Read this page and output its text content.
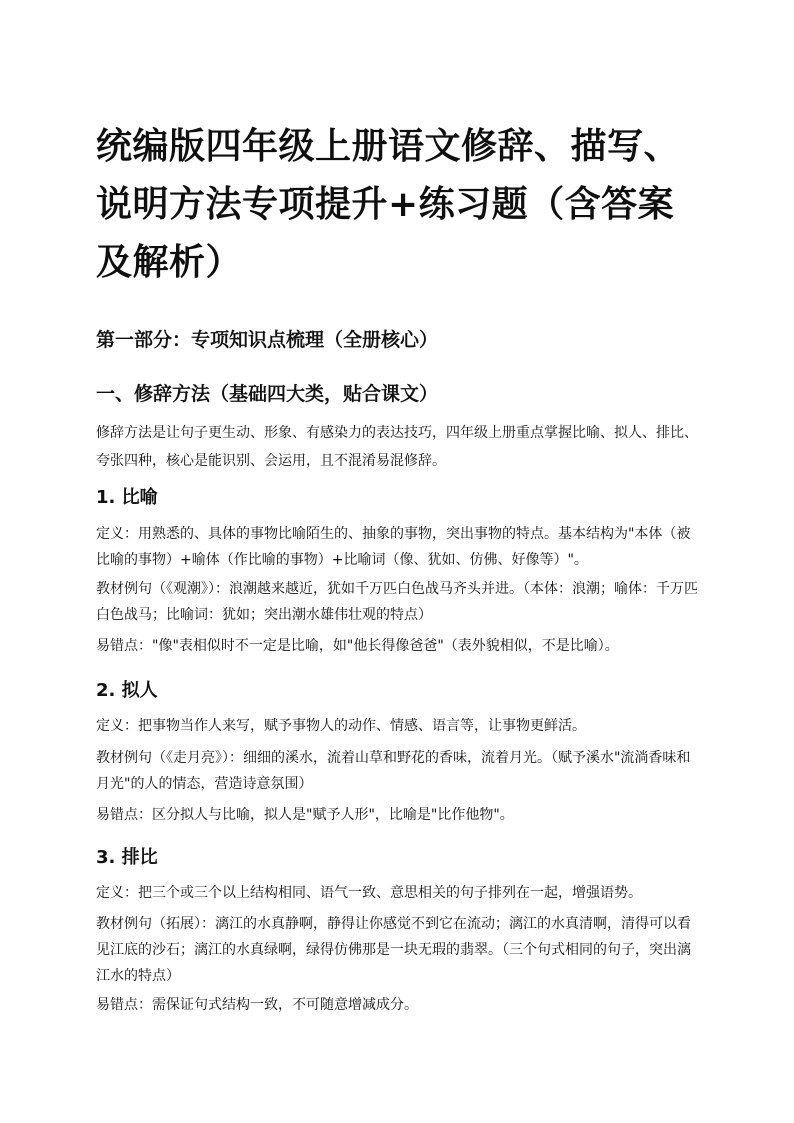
统编版四年级上册语文修辞、描写、说明方法专项提升+练习题（含答案及解析）
第一部分：专项知识点梳理（全册核心）
一、修辞方法（基础四大类，贴合课文）
修辞方法是让句子更生动、形象、有感染力的表达技巧，四年级上册重点掌握比喻、拟人、排比、夸张四种，核心是能识别、会运用，且不混淆易混修辞。
1. 比喻
定义：用熟悉的、具体的事物比喻陌生的、抽象的事物，突出事物的特点。基本结构为"本体（被比喻的事物）+喻体（作比喻的事物）+比喻词（像、犹如、仿佛、好像等）"。
教材例句（《观潮》）：浪潮越来越近，犹如千万匹白色战马齐头并进。（本体：浪潮；喻体：千万匹白色战马；比喻词：犹如；突出潮水雄伟壮观的特点）
易错点："像"表相似时不一定是比喻，如"他长得像爸爸"（表外貌相似，不是比喻）。
2. 拟人
定义：把事物当作人来写，赋予事物人的动作、情感、语言等，让事物更鲜活。
教材例句（《走月亮》）：细细的溪水，流着山草和野花的香味，流着月光。（赋予溪水"流淌香味和月光"的人的情态，营造诗意氛围）
易错点：区分拟人与比喻，拟人是"赋予人形"，比喻是"比作他物"。
3. 排比
定义：把三个或三个以上结构相同、语气一致、意思相关的句子排列在一起，增强语势。
教材例句（拓展）：漓江的水真静啊，静得让你感觉不到它在流动；漓江的水真清啊，清得可以看见江底的沙石；漓江的水真绿啊，绿得仿佛那是一块无瑕的翡翠。（三个句式相同的句子，突出漓江水的特点）
易错点：需保证句式结构一致，不可随意增减成分。
